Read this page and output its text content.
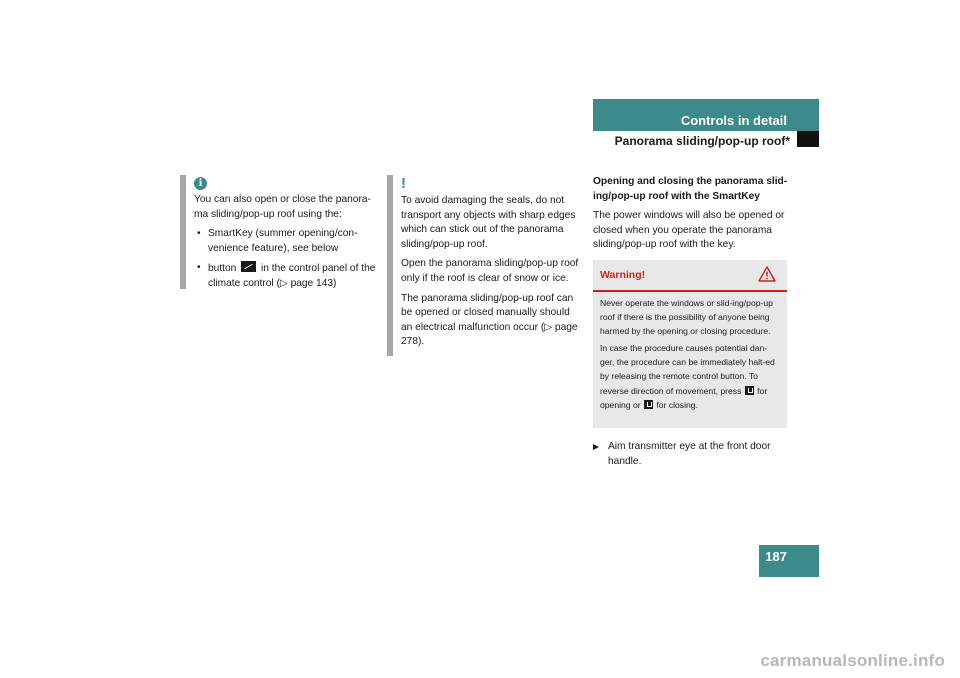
Controls in detail
Panorama sliding/pop-up roof*
i

You can also open or close the panora-ma sliding/pop-up roof using the:

• SmartKey (summer opening/con-venience feature), see below
• button in the control panel of the climate control (▷ page 143)
!

To avoid damaging the seals, do not transport any objects with sharp edges which can stick out of the panorama sliding/pop-up roof.

Open the panorama sliding/pop-up roof only if the roof is clear of snow or ice.

The panorama sliding/pop-up roof can be opened or closed manually should an electrical malfunction occur (▷ page 278).

Opening and closing the panorama slid-ing/pop-up roof with the SmartKey

The power windows will also be opened or closed when you operate the panorama sliding/pop-up roof with the key.

Warning!

Never operate the windows or slid-ing/pop-up roof if there is the possibility of anyone being harmed by the opening or closing procedure.

In case the procedure causes potential dan-ger, the procedure can be immediately halt-ed by releasing the remote control button. To reverse direction of movement, press for opening or for closing.

Aim transmitter eye at the front door handle.
187
carmanualsonline.info
